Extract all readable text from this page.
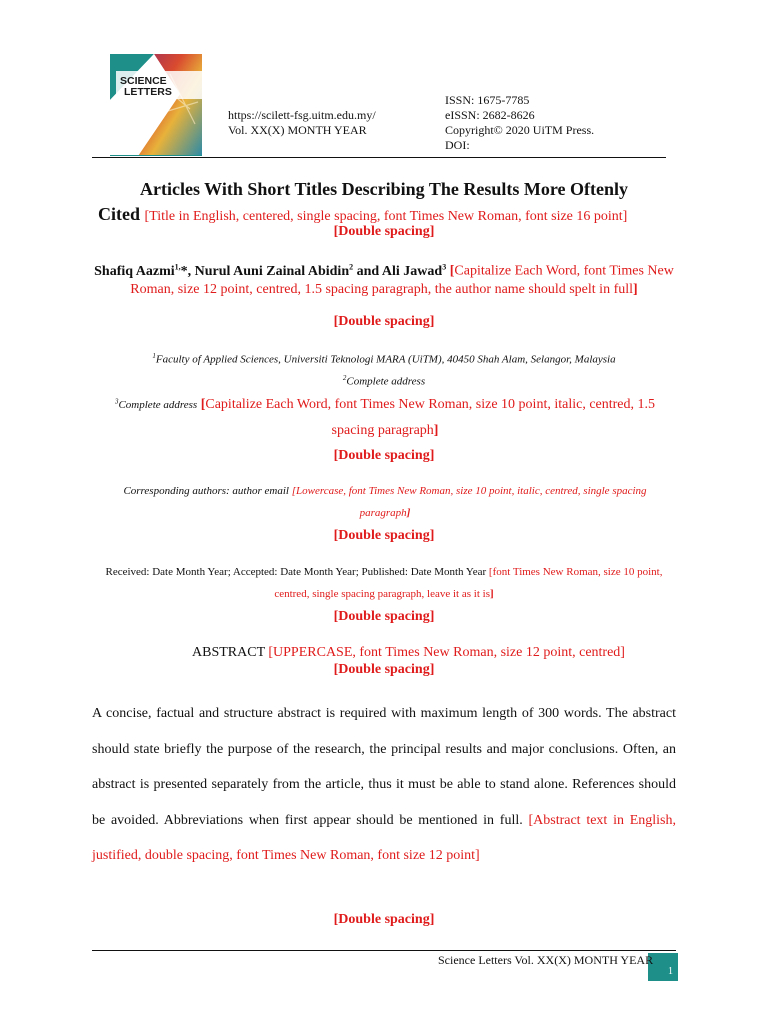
SCIENCE
LETTERS
https://scilett-fsg.uitm.edu.my/
Vol. XX(X) MONTH YEAR
ISSN: 1675-7785
eISSN: 2682-8626
Copyright© 2020 UiTM Press.
DOI:
Articles With Short Titles Describing The Results More Oftenly
Cited [Title in English, centered, single spacing, font Times New Roman, font size 16 point]
[Double spacing]
Shafiq Aazmi$^{1,}$*, Nurul Auni Zainal Abidin$^2$ and Ali Jawad$^3$ [Capitalize Each Word, font Times New Roman, size 12 point, centred, 1.5 spacing paragraph, the author name should spelt in full]
[Double spacing]
$^1$Faculty of Applied Sciences, Universiti Teknologi MARA (UiTM), 40450 Shah Alam, Selangor, Malaysia
$^2$Complete address
$^3$Complete address [Capitalize Each Word, font Times New Roman, size 10 point, italic, centred, 1.5 spacing paragraph]
[Double spacing]
Corresponding authors: author email [Lowercase, font Times New Roman, size 10 point, italic, centred, single spacing paragraph]
[Double spacing]
Received: Date Month Year; Accepted: Date Month Year; Published: Date Month Year [font Times New Roman, size 10 point, centred, single spacing paragraph, leave it as it is]
[Double spacing]
ABSTRACT [UPPERCASE, font Times New Roman, size 12 point, centred]
[Double spacing]
A concise, factual and structure abstract is required with maximum length of 300 words. The abstract should state briefly the purpose of the research, the principal results and major conclusions. Often, an abstract is presented separately from the article, thus it must be able to stand alone. References should be avoided. Abbreviations when first appear should be mentioned in full. [Abstract text in English, justified, double spacing, font Times New Roman, font size 12 point]
[Double spacing]
1
Science Letters Vol. XX(X) MONTH YEAR
